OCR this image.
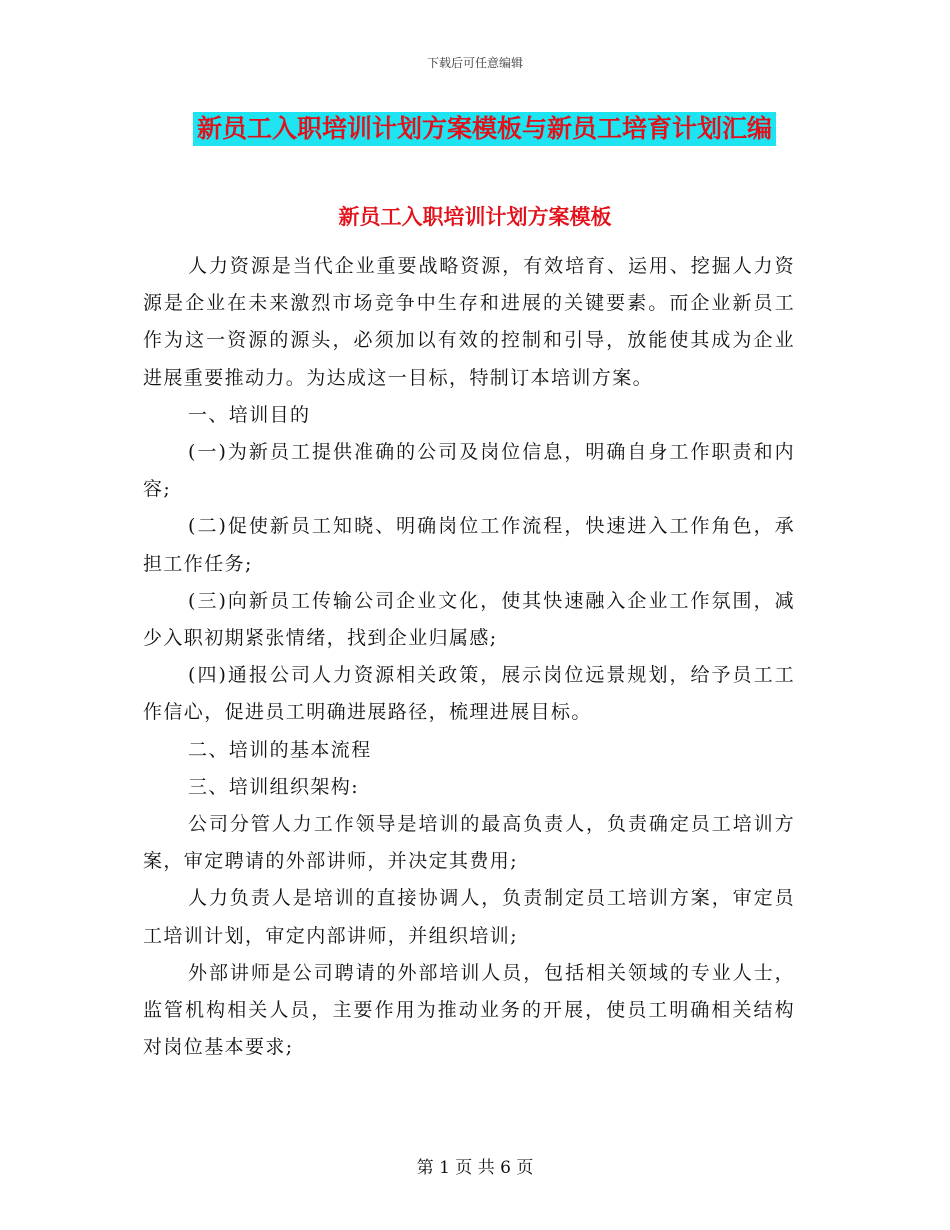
下载后可任意编辑
新员工入职培训计划方案模板与新员工培育计划汇编
新员工入职培训计划方案模板

人力资源是当代企业重要战略资源，有效培育、运用、挖掘人力资源是企业在未来激烈市场竞争中生存和进展的关键要素。而企业新员工作为这一资源的源头，必须加以有效的控制和引导，放能使其成为企业进展重要推动力。为达成这一目标，特制订本培训方案。

一、培训目的

(一)为新员工提供准确的公司及岗位信息，明确自身工作职责和内容;

(二)促使新员工知晓、明确岗位工作流程，快速进入工作角色，承担工作任务;

(三)向新员工传输公司企业文化，使其快速融入企业工作氛围，减少入职初期紧张情绪，找到企业归属感;

(四)通报公司人力资源相关政策，展示岗位远景规划，给予员工工作信心，促进员工明确进展路径，梳理进展目标。

二、培训的基本流程

三、培训组织架构:

公司分管人力工作领导是培训的最高负责人，负责确定员工培训方案，审定聘请的外部讲师，并决定其费用;

人力负责人是培训的直接协调人，负责制定员工培训方案，审定员工培训计划，审定内部讲师，并组织培训;

外部讲师是公司聘请的外部培训人员，包括相关领域的专业人士，监管机构相关人员，主要作用为推动业务的开展，使员工明确相关结构对岗位基本要求;

第 1 页 共 6 页
